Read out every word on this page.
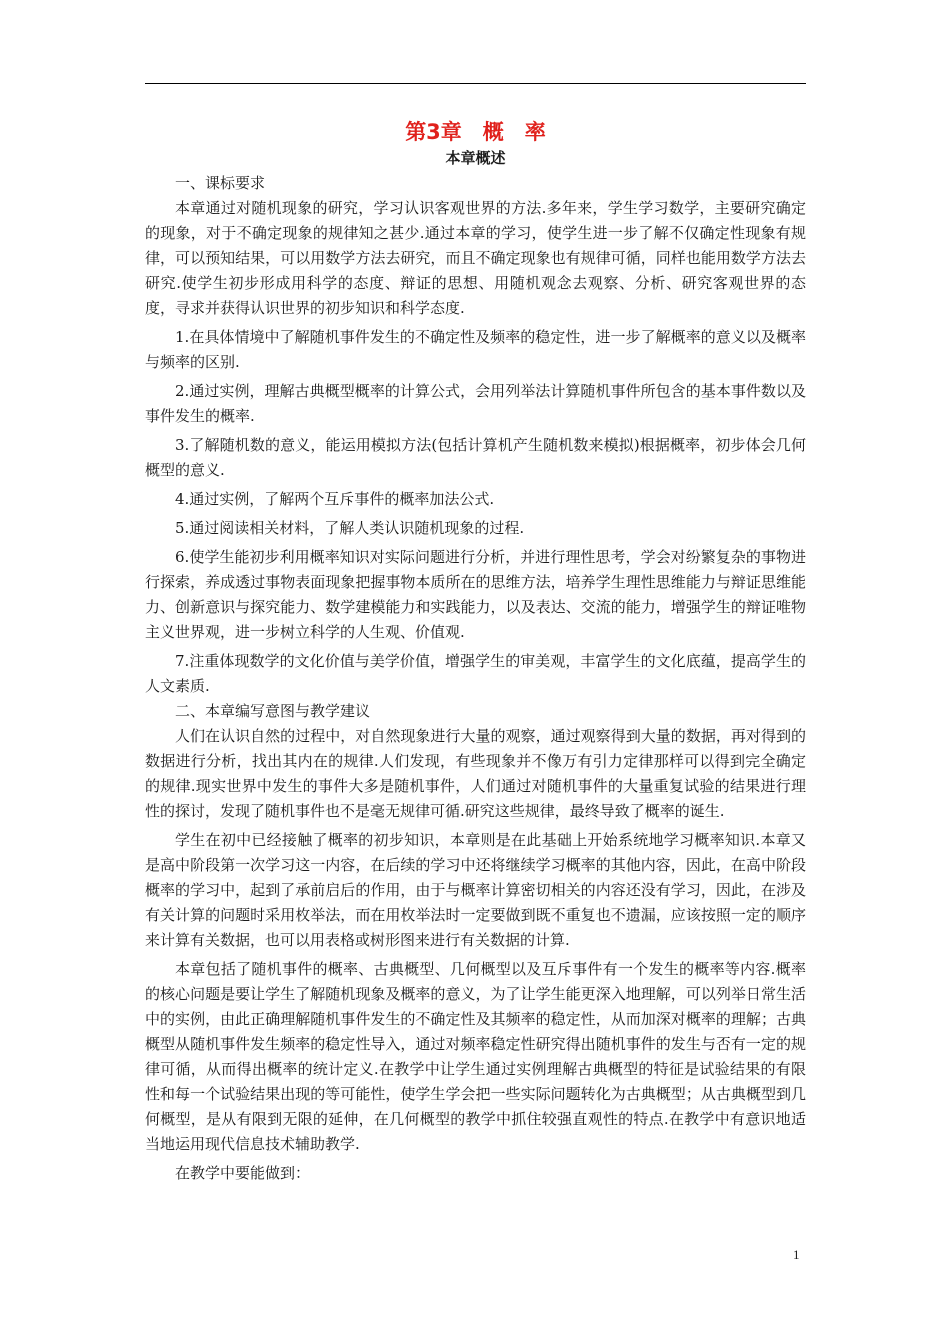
第3章　概　率
本章概述

一、课标要求

本章通过对随机现象的研究，学习认识客观世界的方法.多年来，学生学习数学，主要研究确定的现象，对于不确定现象的规律知之甚少.通过本章的学习，使学生进一步了解不仅确定性现象有规律，可以预知结果，可以用数学方法去研究，而且不确定现象也有规律可循，同样也能用数学方法去研究.使学生初步形成用科学的态度、辩证的思想、用随机观念去观察、分析、研究客观世界的态度，寻求并获得认识世界的初步知识和科学态度.

1.在具体情境中了解随机事件发生的不确定性及频率的稳定性，进一步了解概率的意义以及概率与频率的区别.

2.通过实例，理解古典概型概率的计算公式，会用列举法计算随机事件所包含的基本事件数以及事件发生的概率.

3.了解随机数的意义，能运用模拟方法(包括计算机产生随机数来模拟)根据概率，初步体会几何概型的意义.

4.通过实例，了解两个互斥事件的概率加法公式.

5.通过阅读相关材料，了解人类认识随机现象的过程.

6.使学生能初步利用概率知识对实际问题进行分析，并进行理性思考，学会对纷繁复杂的事物进行探索，养成透过事物表面现象把握事物本质所在的思维方法，培养学生理性思维能力与辩证思维能力、创新意识与探究能力、数学建模能力和实践能力，以及表达、交流的能力，增强学生的辩证唯物主义世界观，进一步树立科学的人生观、价值观.

7.注重体现数学的文化价值与美学价值，增强学生的审美观，丰富学生的文化底蕴，提高学生的人文素质.

二、本章编写意图与教学建议

人们在认识自然的过程中，对自然现象进行大量的观察，通过观察得到大量的数据，再对得到的数据进行分析，找出其内在的规律.人们发现，有些现象并不像万有引力定律那样可以得到完全确定的规律.现实世界中发生的事件大多是随机事件，人们通过对随机事件的大量重复试验的结果进行理性的探讨，发现了随机事件也不是毫无规律可循.研究这些规律，最终导致了概率的诞生.

学生在初中已经接触了概率的初步知识，本章则是在此基础上开始系统地学习概率知识.本章又是高中阶段第一次学习这一内容，在后续的学习中还将继续学习概率的其他内容，因此，在高中阶段概率的学习中，起到了承前启后的作用，由于与概率计算密切相关的内容还没有学习，因此，在涉及有关计算的问题时采用枚举法，而在用枚举法时一定要做到既不重复也不遗漏，应该按照一定的顺序来计算有关数据，也可以用表格或树形图来进行有关数据的计算.

本章包括了随机事件的概率、古典概型、几何概型以及互斥事件有一个发生的概率等内容.概率的核心问题是要让学生了解随机现象及概率的意义，为了让学生能更深入地理解，可以列举日常生活中的实例，由此正确理解随机事件发生的不确定性及其频率的稳定性，从而加深对概率的理解；古典概型从随机事件发生频率的稳定性导入，通过对频率稳定性研究得出随机事件的发生与否有一定的规律可循，从而得出概率的统计定义.在教学中让学生通过实例理解古典概型的特征是试验结果的有限性和每一个试验结果出现的等可能性，使学生学会把一些实际问题转化为古典概型；从古典概型到几何概型，是从有限到无限的延伸，在几何概型的教学中抓住较强直观性的特点.在教学中有意识地适当地运用现代信息技术辅助教学.

在教学中要能做到：

1
